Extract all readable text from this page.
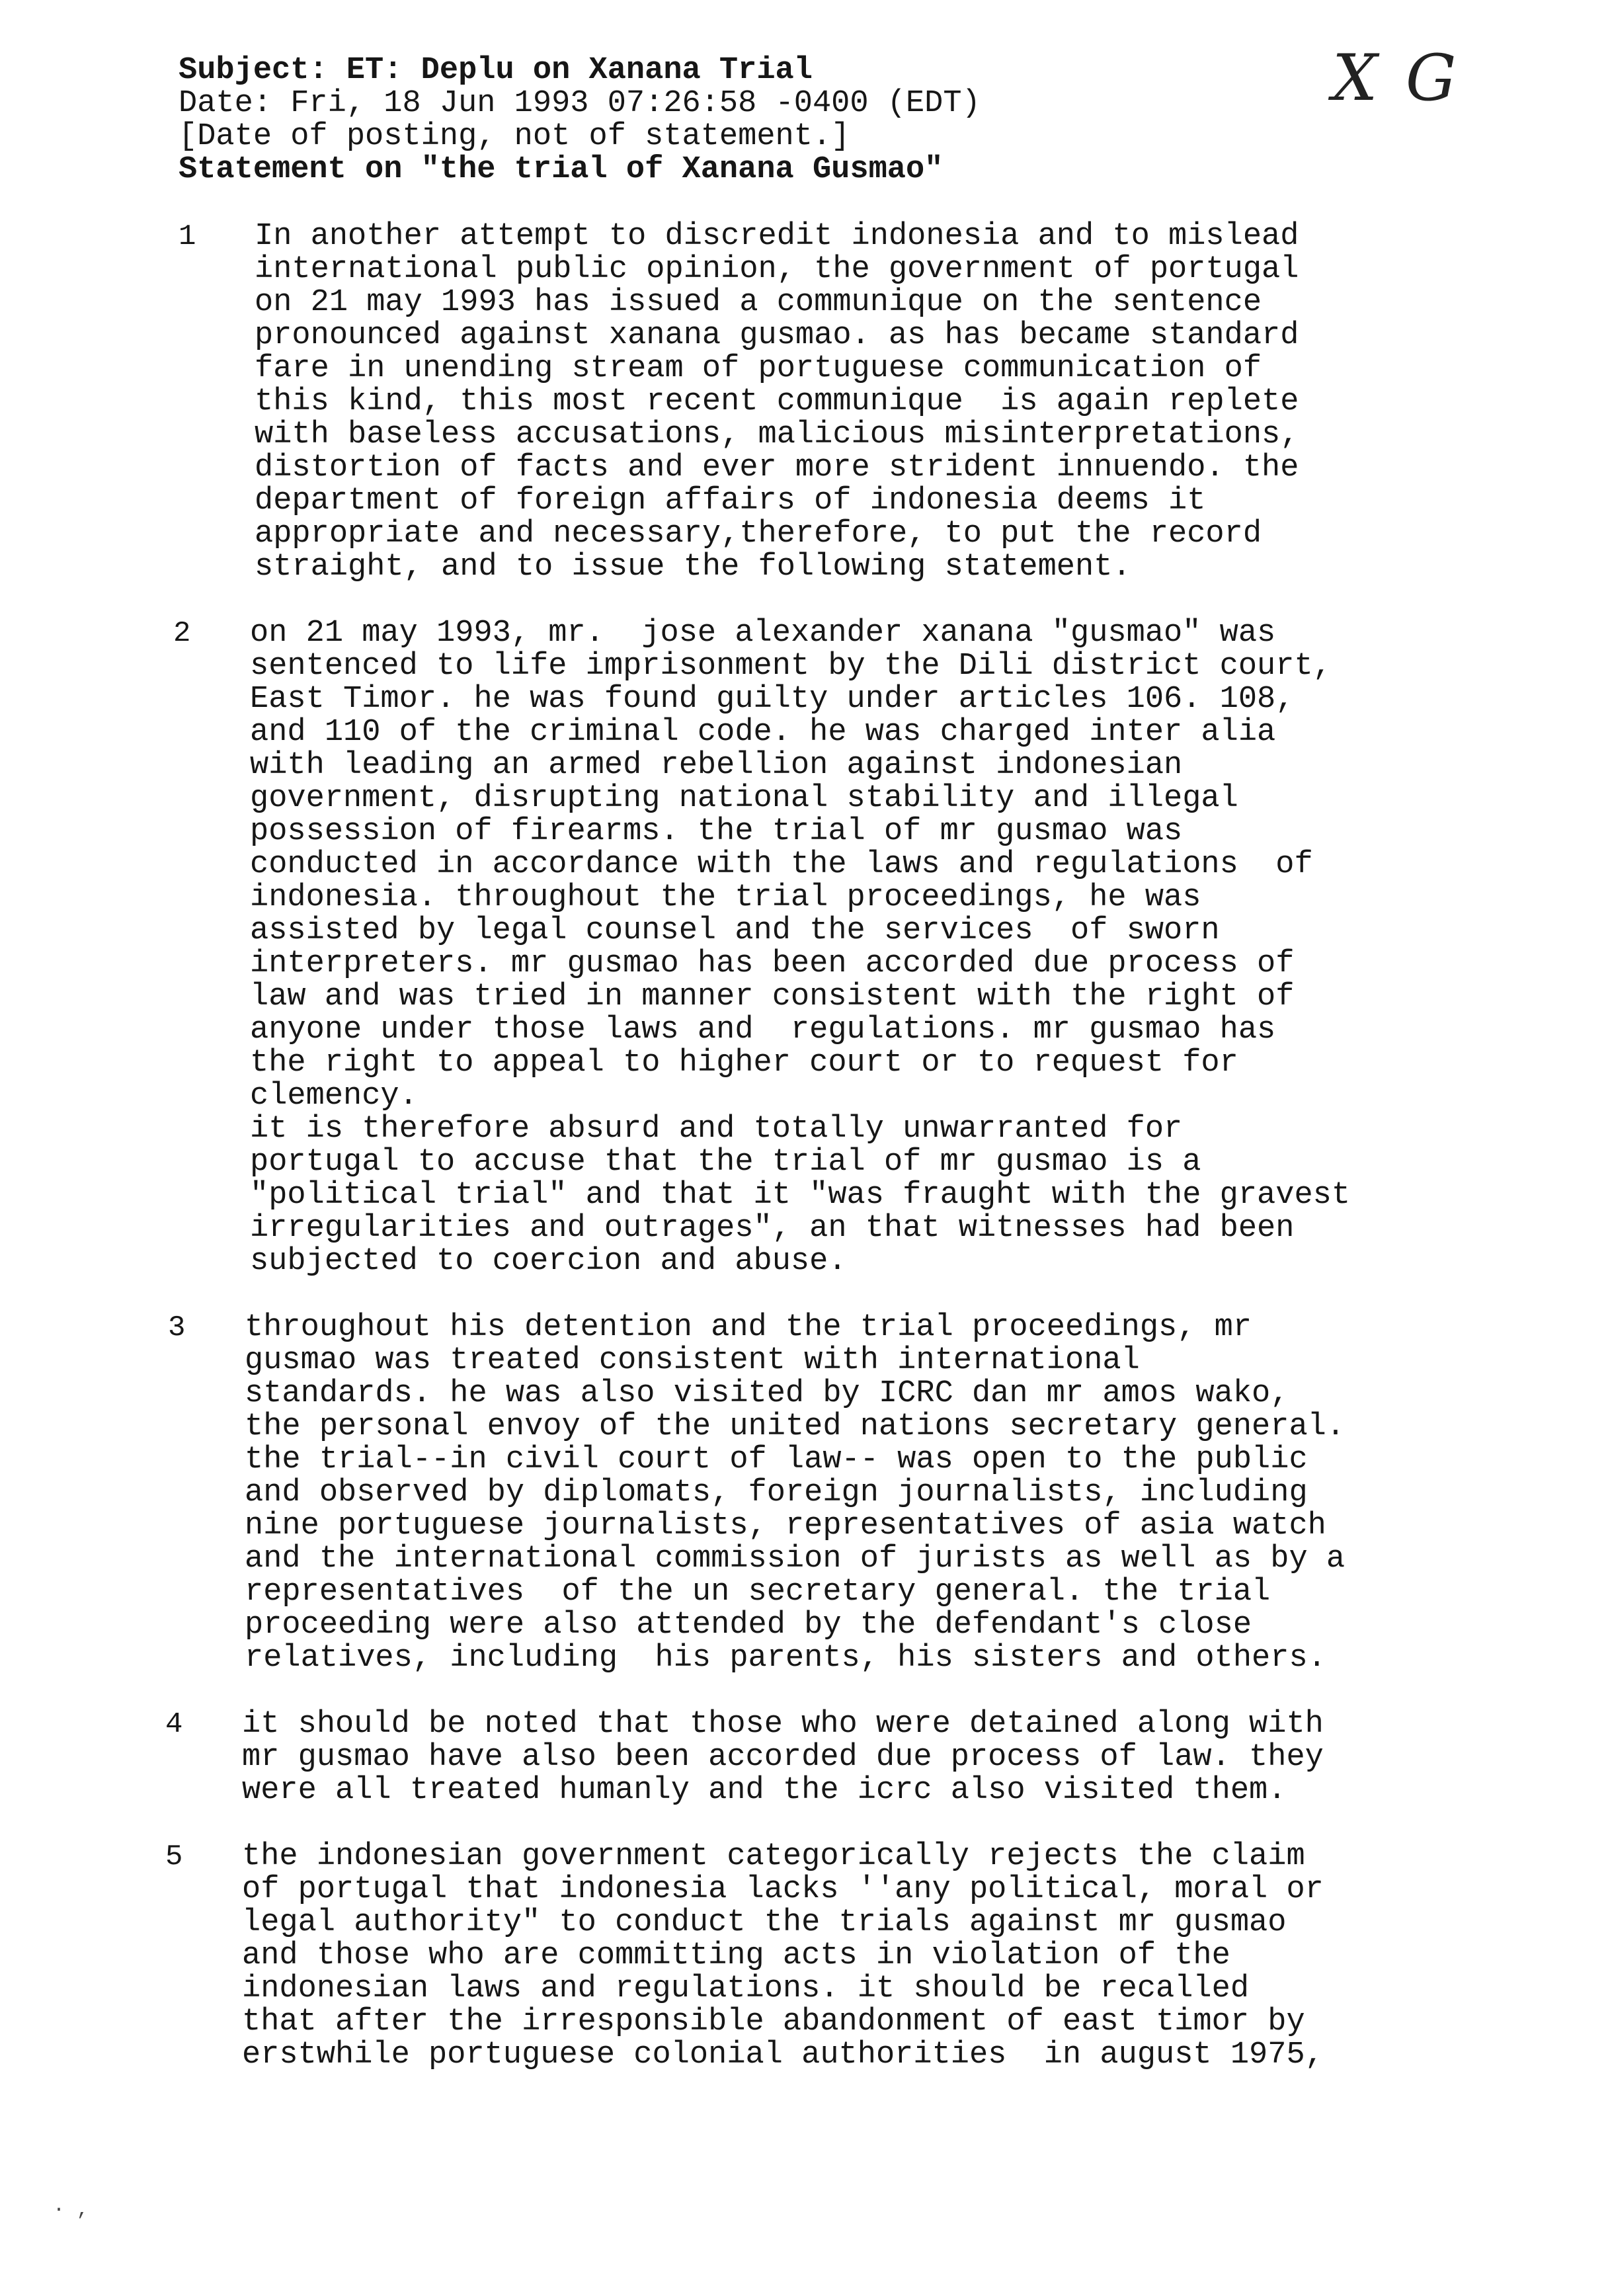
Subject: ET: Deplu on Xanana Trial
Date: Fri, 18 Jun 1993 07:26:58 -0400 (EDT)
[Date of posting, not of statement.]
Statement on "the trial of Xanana Gusmao"
X G
1
2
3
4
5
In another attempt to discredit indonesia and to mislead
international public opinion, the government of portugal
on 21 may 1993 has issued a communique on the sentence
pronounced against xanana gusmao. as has became standard
fare in unending stream of portuguese communication of
this kind, this most recent communique  is again replete
with baseless accusations, malicious misinterpretations,
distortion of facts and ever more strident innuendo. the
department of foreign affairs of indonesia deems it
appropriate and necessary,therefore, to put the record
straight, and to issue the following statement.
on 21 may 1993, mr.  jose alexander xanana "gusmao" was
sentenced to life imprisonment by the Dili district court,
East Timor. he was found guilty under articles 106. 108,
and 110 of the criminal code. he was charged inter alia
with leading an armed rebellion against indonesian
government, disrupting national stability and illegal
possession of firearms. the trial of mr gusmao was
conducted in accordance with the laws and regulations  of
indonesia. throughout the trial proceedings, he was
assisted by legal counsel and the services  of sworn
interpreters. mr gusmao has been accorded due process of
law and was tried in manner consistent with the right of
anyone under those laws and  regulations. mr gusmao has
the right to appeal to higher court or to request for
clemency.
it is therefore absurd and totally unwarranted for
portugal to accuse that the trial of mr gusmao is a
"political trial" and that it "was fraught with the gravest
irregularities and outrages", an that witnesses had been
subjected to coercion and abuse.
throughout his detention and the trial proceedings, mr
gusmao was treated consistent with international
standards. he was also visited by ICRC dan mr amos wako,
the personal envoy of the united nations secretary general.
the trial--in civil court of law-- was open to the public
and observed by diplomats, foreign journalists, including
nine portuguese journalists, representatives of asia watch
and the international commission of jurists as well as by a
representatives  of the un secretary general. the trial
proceeding were also attended by the defendant's close
relatives, including  his parents, his sisters and others.
it should be noted that those who were detained along with
mr gusmao have also been accorded due process of law. they
were all treated humanly and the icrc also visited them.
the indonesian government categorically rejects the claim
of portugal that indonesia lacks ''any political, moral or
legal authority" to conduct the trials against mr gusmao
and those who are committing acts in violation of the
indonesian laws and regulations. it should be recalled
that after the irresponsible abandonment of east timor by
erstwhile portuguese colonial authorities  in august 1975,
· ,
